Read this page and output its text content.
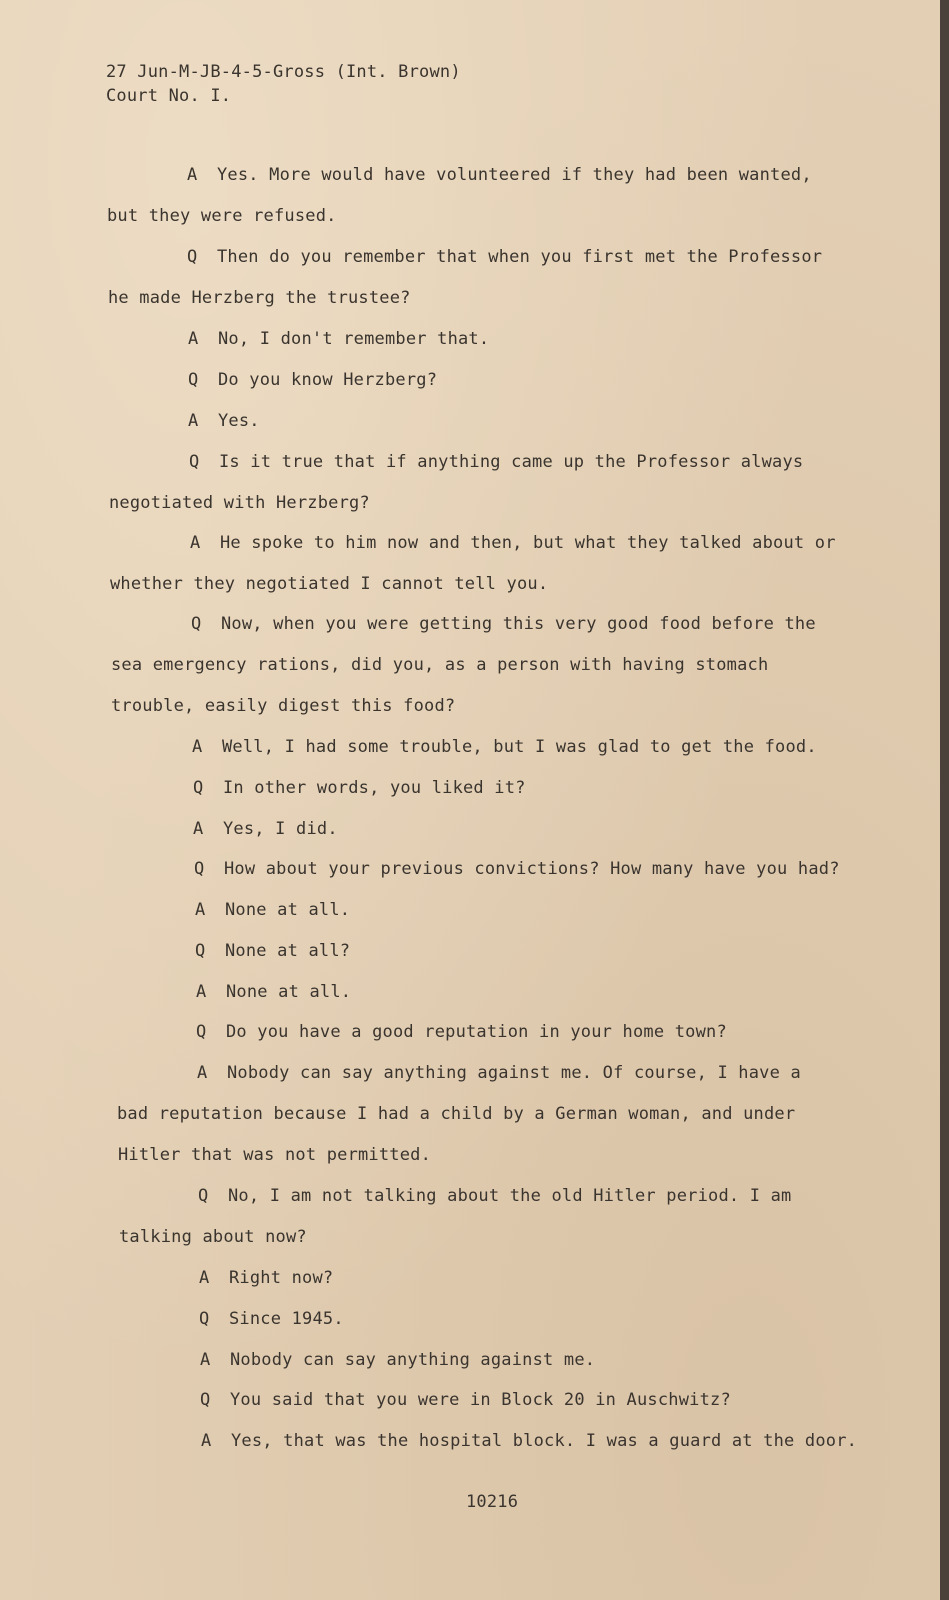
27 Jun-M-JB-4-5-Gross (Int. Brown)

Court No. I.

A Yes. More would have volunteered if they had been wanted,

but they were refused.

Q Then do you remember that when you first met the Professor

he made Herzberg the trustee?

A No, I don't remember that.

Q Do you know Herzberg?

A Yes.

Q Is it true that if anything came up the Professor always

negotiated with Herzberg?

A He spoke to him now and then, but what they talked about or

whether they negotiated I cannot tell you.

Q Now, when you were getting this very good food before the

sea emergency rations, did you, as a person with having stomach

trouble, easily digest this food?

A Well, I had some trouble, but I was glad to get the food.

Q In other words, you liked it?

A Yes, I did.

Q How about your previous convictions? How many have you had?

A None at all.

Q None at all?

A None at all.

Q Do you have a good reputation in your home town?

A Nobody can say anything against me. Of course, I have a

bad reputation because I had a child by a German woman, and under

Hitler that was not permitted.

Q No, I am not talking about the old Hitler period. I am

talking about now?

A Right now?

Q Since 1945.

A Nobody can say anything against me.

Q You said that you were in Block 20 in Auschwitz?

A Yes, that was the hospital block. I was a guard at the door.

10216
